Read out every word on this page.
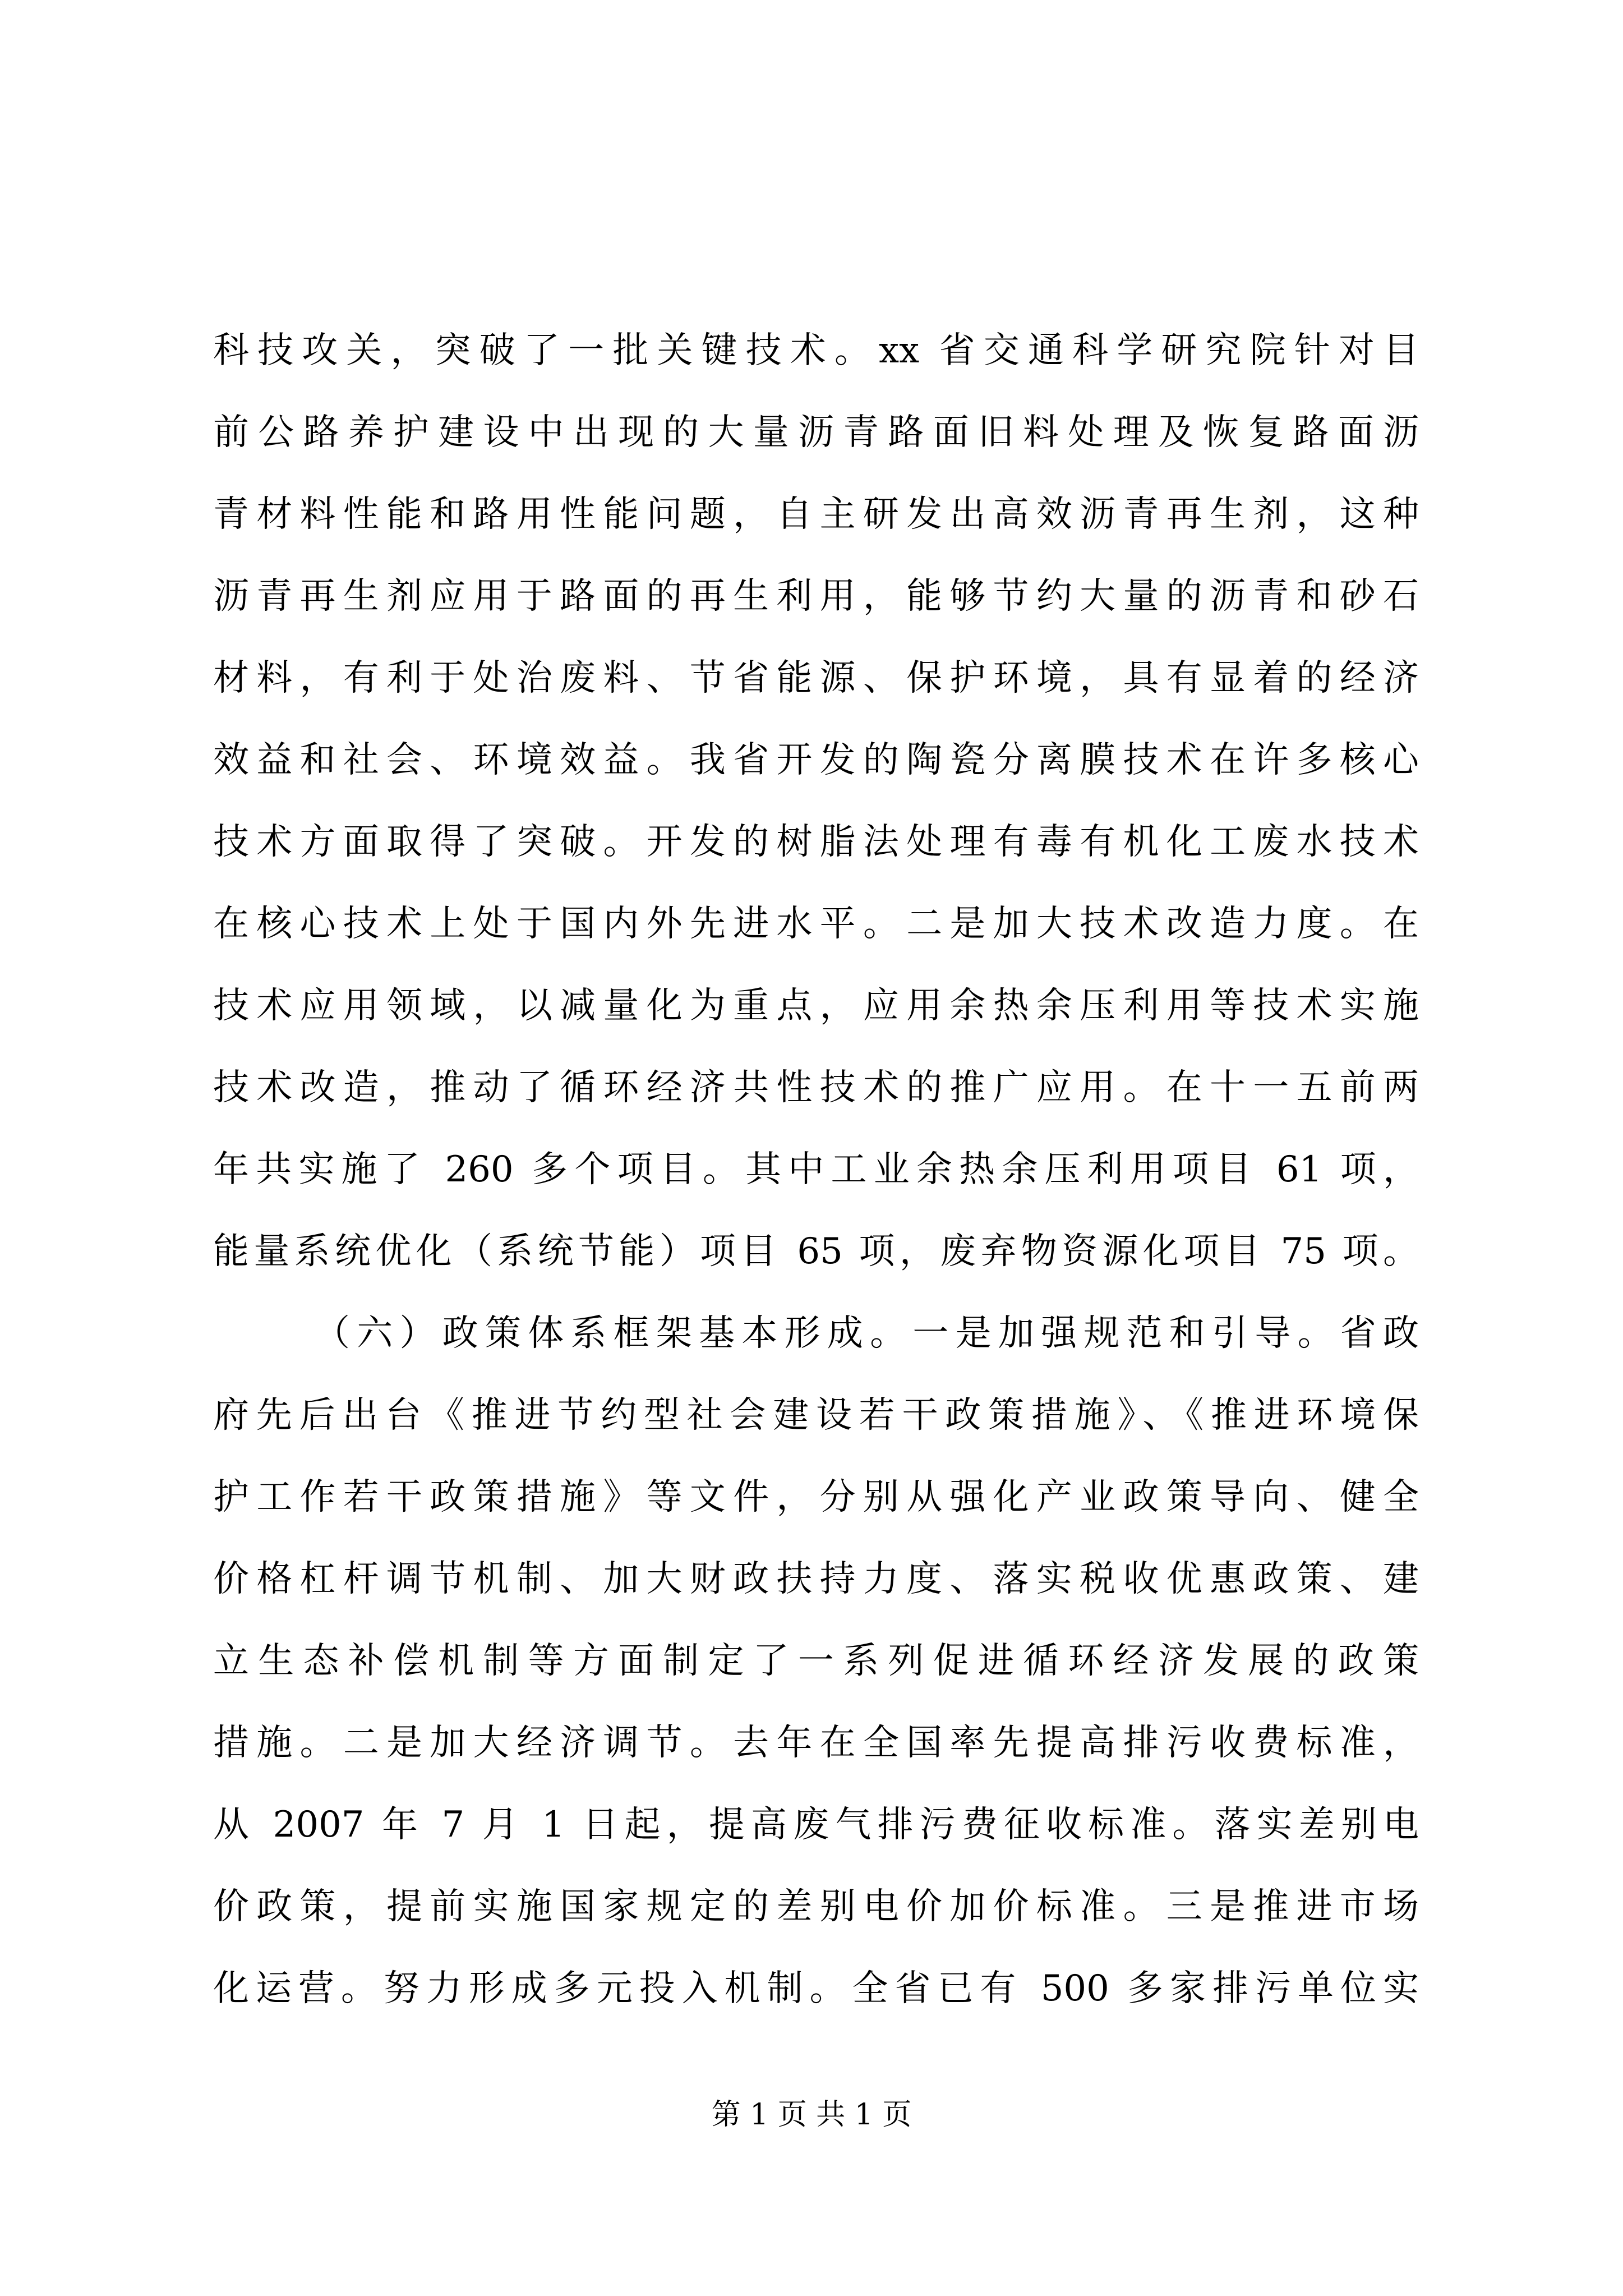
科技攻关，突破了一批关键技术。xx 省交通科学研究院针对目
前公路养护建设中出现的大量沥青路面旧料处理及恢复路面沥
青材料性能和路用性能问题，自主研发出高效沥青再生剂，这种
沥青再生剂应用于路面的再生利用，能够节约大量的沥青和砂石
材料，有利于处治废料、节省能源、保护环境，具有显着的经济
效益和社会、环境效益。我省开发的陶瓷分离膜技术在许多核心
技术方面取得了突破。开发的树脂法处理有毒有机化工废水技术
在核心技术上处于国内外先进水平。二是加大技术改造力度。在
技术应用领域，以减量化为重点，应用余热余压利用等技术实施
技术改造，推动了循环经济共性技术的推广应用。在十一五前两
年共实施了 260 多个项目。其中工业余热余压利用项目 61 项，
能量系统优化（系统节能）项目 65 项，废弃物资源化项目 75 项。
（六）政策体系框架基本形成。一是加强规范和引导。省政
府先后出台《推进节约型社会建设若干政策措施》、《推进环境保
护工作若干政策措施》等文件，分别从强化产业政策导向、健全
价格杠杆调节机制、加大财政扶持力度、落实税收优惠政策、建
立生态补偿机制等方面制定了一系列促进循环经济发展的政策
措施。二是加大经济调节。去年在全国率先提高排污收费标准，
从 2007 年 7 月 1 日起，提高废气排污费征收标准。落实差别电
价政策，提前实施国家规定的差别电价加价标准。三是推进市场
化运营。努力形成多元投入机制。全省已有 500 多家排污单位实
第 1 页 共 1 页
